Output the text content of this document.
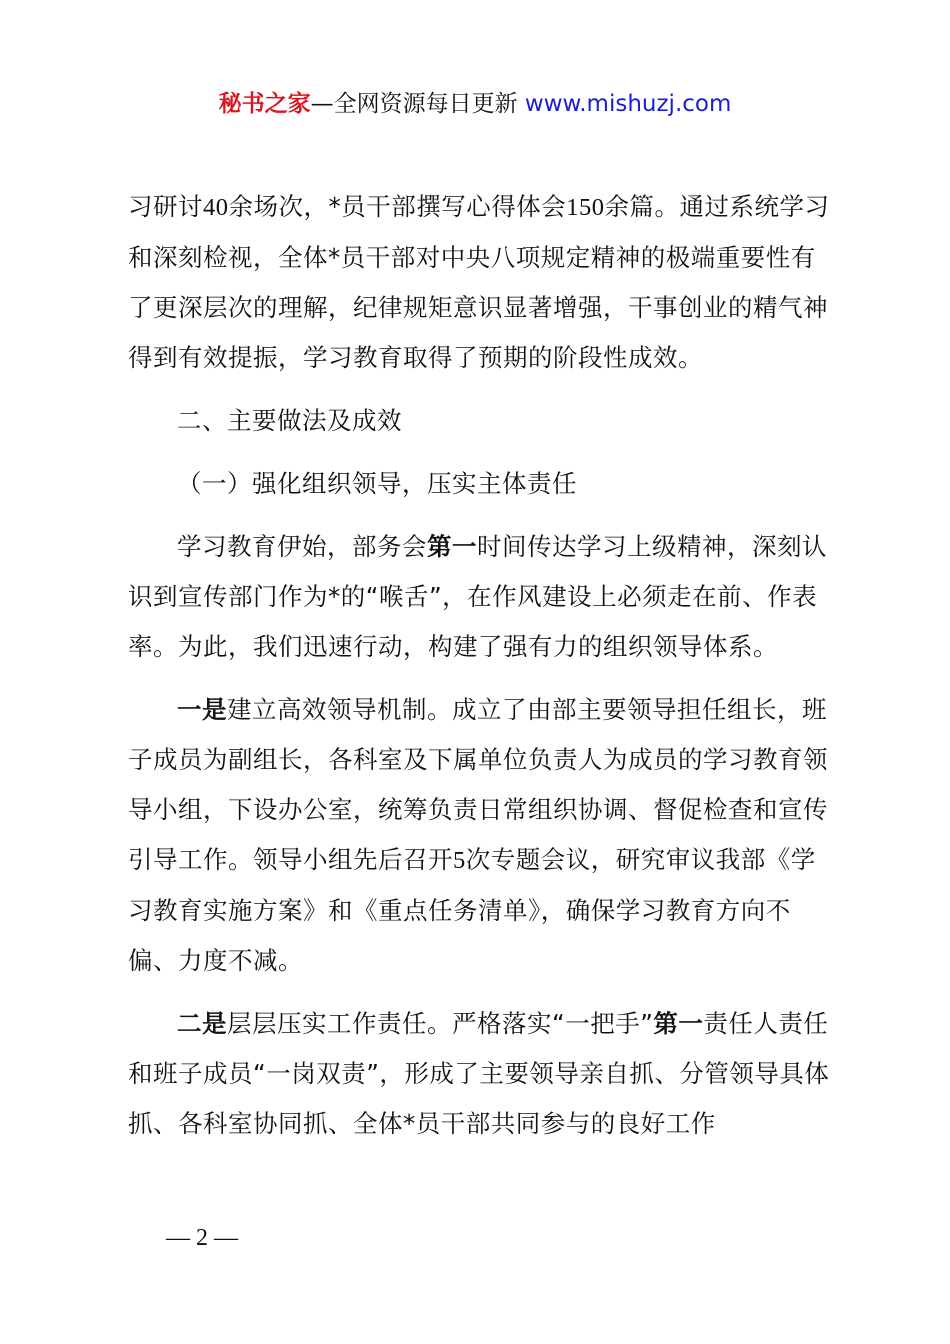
秘书之家—全网资源每日更新 www.mishuzj.com

习研讨40余场次，*员干部撰写心得体会150余篇。通过系统学习和深刻检视，全体*员干部对中央八项规定精神的极端重要性有了更深层次的理解，纪律规矩意识显著增强，干事创业的精气神得到有效提振，学习教育取得了预期的阶段性成效。

二、主要做法及成效

（一）强化组织领导，压实主体责任

学习教育伊始，部务会第一时间传达学习上级精神，深刻认识到宣传部门作为*的“喉舌”，在作风建设上必须走在前、作表率。为此，我们迅速行动，构建了强有力的组织领导体系。

一是建立高效领导机制。成立了由部主要领导担任组长，班子成员为副组长，各科室及下属单位负责人为成员的学习教育领导小组，下设办公室，统筹负责日常组织协调、督促检查和宣传引导工作。领导小组先后召开5次专题会议，研究审议我部《学习教育实施方案》和《重点任务清单》，确保学习教育方向不偏、力度不减。

二是层层压实工作责任。严格落实“一把手”第一责任人责任和班子成员“一岗双责”，形成了主要领导亲自抓、分管领导具体抓、各科室协同抓、全体*员干部共同参与的良好工作

— 2 —
